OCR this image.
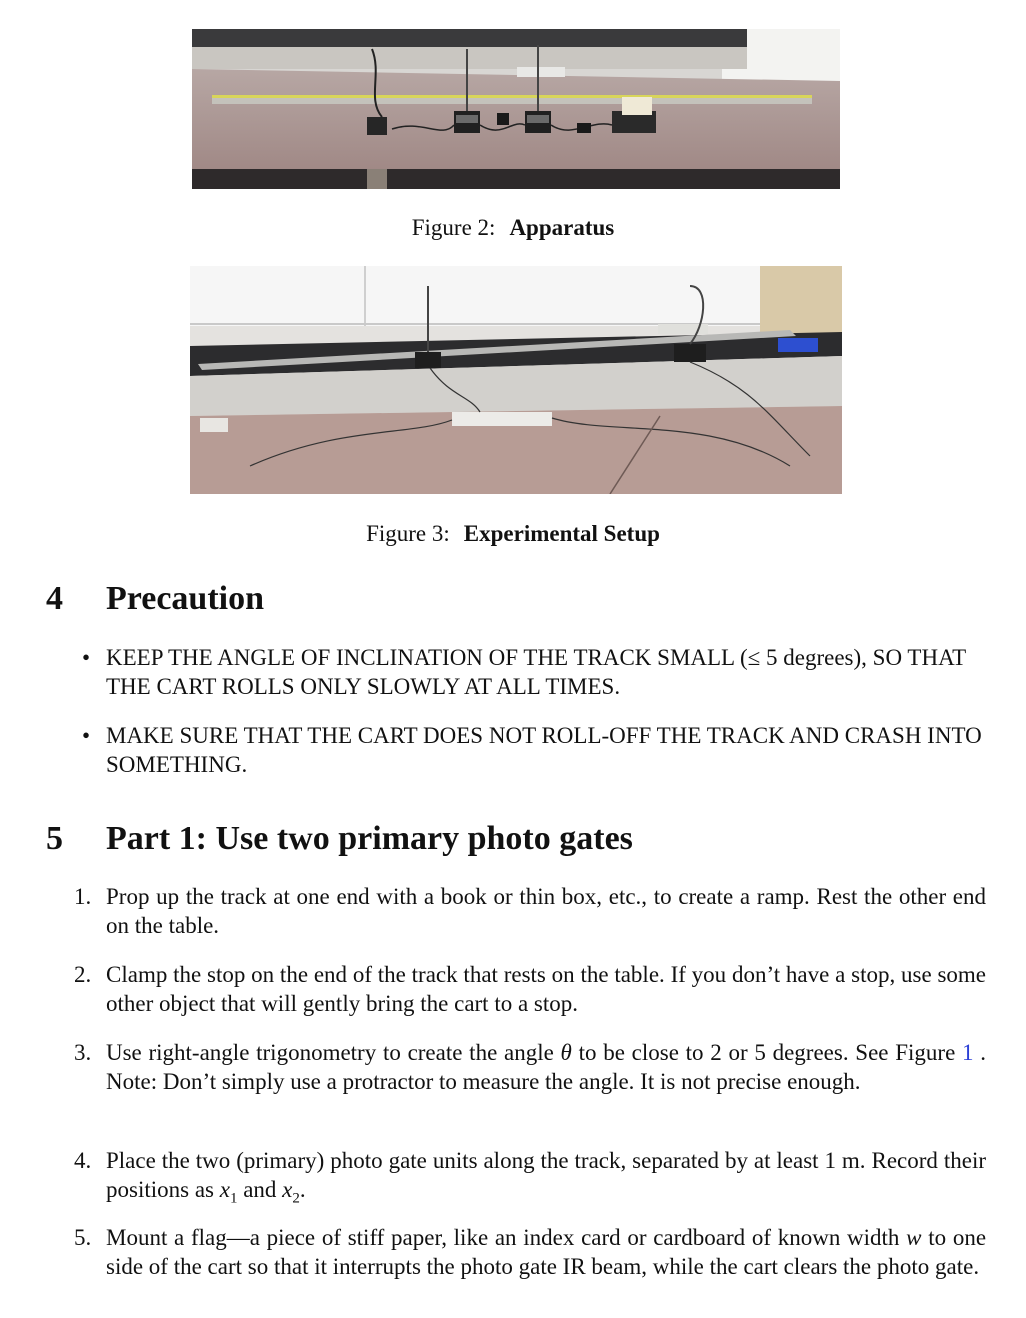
Figure 2: Apparatus
Figure 3: Experimental Setup
4 Precaution
• KEEP THE ANGLE OF INCLINATION OF THE TRACK SMALL (≤ 5 degrees), SO THAT THE CART ROLLS ONLY SLOWLY AT ALL TIMES.
• MAKE SURE THAT THE CART DOES NOT ROLL-OFF THE TRACK AND CRASH INTO SOMETHING.
5 Part 1: Use two primary photo gates
1. Prop up the track at one end with a book or thin box, etc., to create a ramp. Rest the other end on the table.
2. Clamp the stop on the end of the track that rests on the table. If you don’t have a stop, use some other object that will gently bring the cart to a stop.
3. Use right-angle trigonometry to create the angle θ to be close to 2 or 5 degrees. See Figure 1 . Note: Don’t simply use a protractor to measure the angle. It is not precise enough.
4. Place the two (primary) photo gate units along the track, separated by at least 1 m. Record their positions as $x_1$ and $x_2$.
5. Mount a flag—a piece of stiff paper, like an index card or cardboard of known width w to one side of the cart so that it interrupts the photo gate IR beam, while the cart clears the photo gate.
